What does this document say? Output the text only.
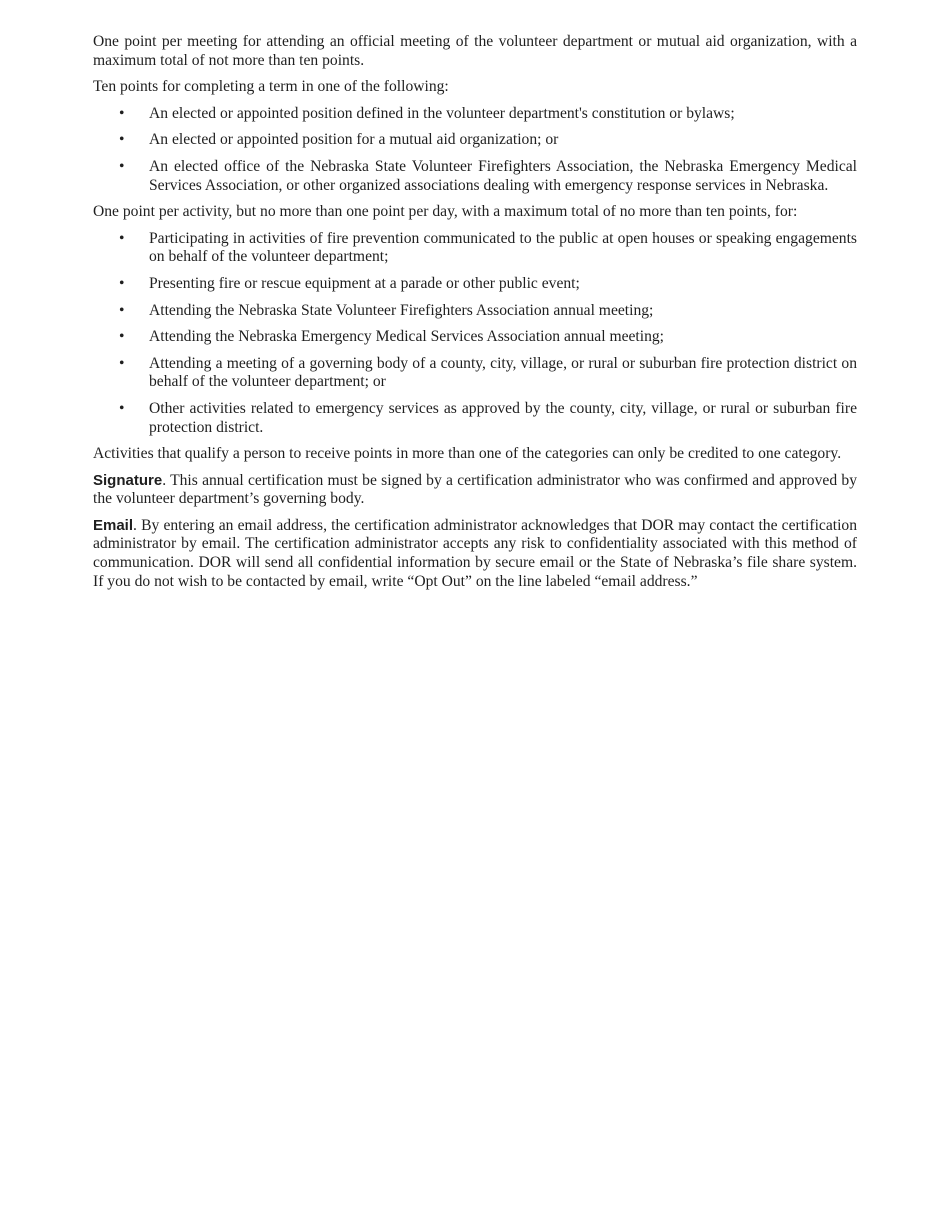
One point per meeting for attending an official meeting of the volunteer department or mutual aid organization, with a maximum total of not more than ten points.

Ten points for completing a term in one of the following:

• An elected or appointed position defined in the volunteer department's constitution or bylaws;
• An elected or appointed position for a mutual aid organization; or
• An elected office of the Nebraska State Volunteer Firefighters Association, the Nebraska Emergency Medical Services Association, or other organized associations dealing with emergency response services in Nebraska.

One point per activity, but no more than one point per day, with a maximum total of no more than ten points, for:

• Participating in activities of fire prevention communicated to the public at open houses or speaking engagements on behalf of the volunteer department;
• Presenting fire or rescue equipment at a parade or other public event;
• Attending the Nebraska State Volunteer Firefighters Association annual meeting;
• Attending the Nebraska Emergency Medical Services Association annual meeting;
• Attending a meeting of a governing body of a county, city, village, or rural or suburban fire protection district on behalf of the volunteer department; or
• Other activities related to emergency services as approved by the county, city, village, or rural or suburban fire protection district.

Activities that qualify a person to receive points in more than one of the categories can only be credited to one category.

Signature. This annual certification must be signed by a certification administrator who was confirmed and approved by the volunteer department’s governing body.

Email. By entering an email address, the certification administrator acknowledges that DOR may contact the certification administrator by email. The certification administrator accepts any risk to confidentiality associated with this method of communication. DOR will send all confidential information by secure email or the State of Nebraska’s file share system. If you do not wish to be contacted by email, write “Opt Out” on the line labeled “email address.”
